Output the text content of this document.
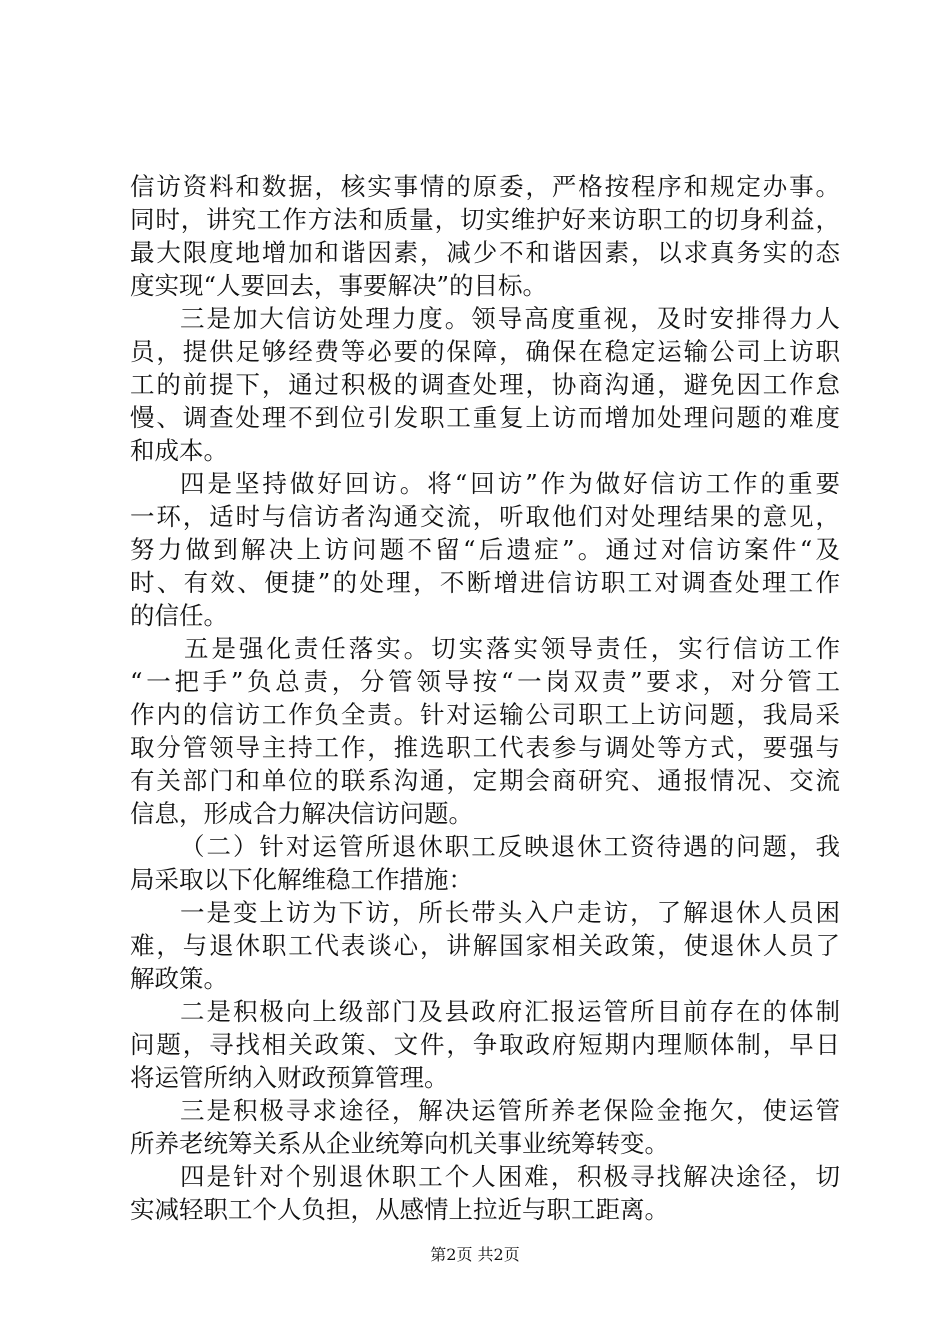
信访资料和数据，核实事情的原委，严格按程序和规定办事。
同时，讲究工作方法和质量，切实维护好来访职工的切身利益，
最大限度地增加和谐因素，减少不和谐因素，以求真务实的态
度实现“人要回去，事要解决”的目标。
三是加大信访处理力度。领导高度重视，及时安排得力人
员，提供足够经费等必要的保障，确保在稳定运输公司上访职
工的前提下，通过积极的调查处理，协商沟通，避免因工作怠
慢、调查处理不到位引发职工重复上访而增加处理问题的难度
和成本。
四是坚持做好回访。将“回访”作为做好信访工作的重要
一环，适时与信访者沟通交流，听取他们对处理结果的意见，
努力做到解决上访问题不留“后遗症”。通过对信访案件“及
时、有效、便捷”的处理，不断增进信访职工对调查处理工作
的信任。
五是强化责任落实。切实落实领导责任，实行信访工作
“一把手”负总责，分管领导按“一岗双责”要求，对分管工
作内的信访工作负全责。针对运输公司职工上访问题，我局采
取分管领导主持工作，推选职工代表参与调处等方式，要强与
有关部门和单位的联系沟通，定期会商研究、通报情况、交流
信息，形成合力解决信访问题。
（二）针对运管所退休职工反映退休工资待遇的问题，我
局采取以下化解维稳工作措施：
一是变上访为下访，所长带头入户走访，了解退休人员困
难，与退休职工代表谈心，讲解国家相关政策，使退休人员了
解政策。
二是积极向上级部门及县政府汇报运管所目前存在的体制
问题，寻找相关政策、文件，争取政府短期内理顺体制，早日
将运管所纳入财政预算管理。
三是积极寻求途径，解决运管所养老保险金拖欠，使运管
所养老统筹关系从企业统筹向机关事业统筹转变。
四是针对个别退休职工个人困难，积极寻找解决途径，切
实减轻职工个人负担，从感情上拉近与职工距离。
第2页 共2页
